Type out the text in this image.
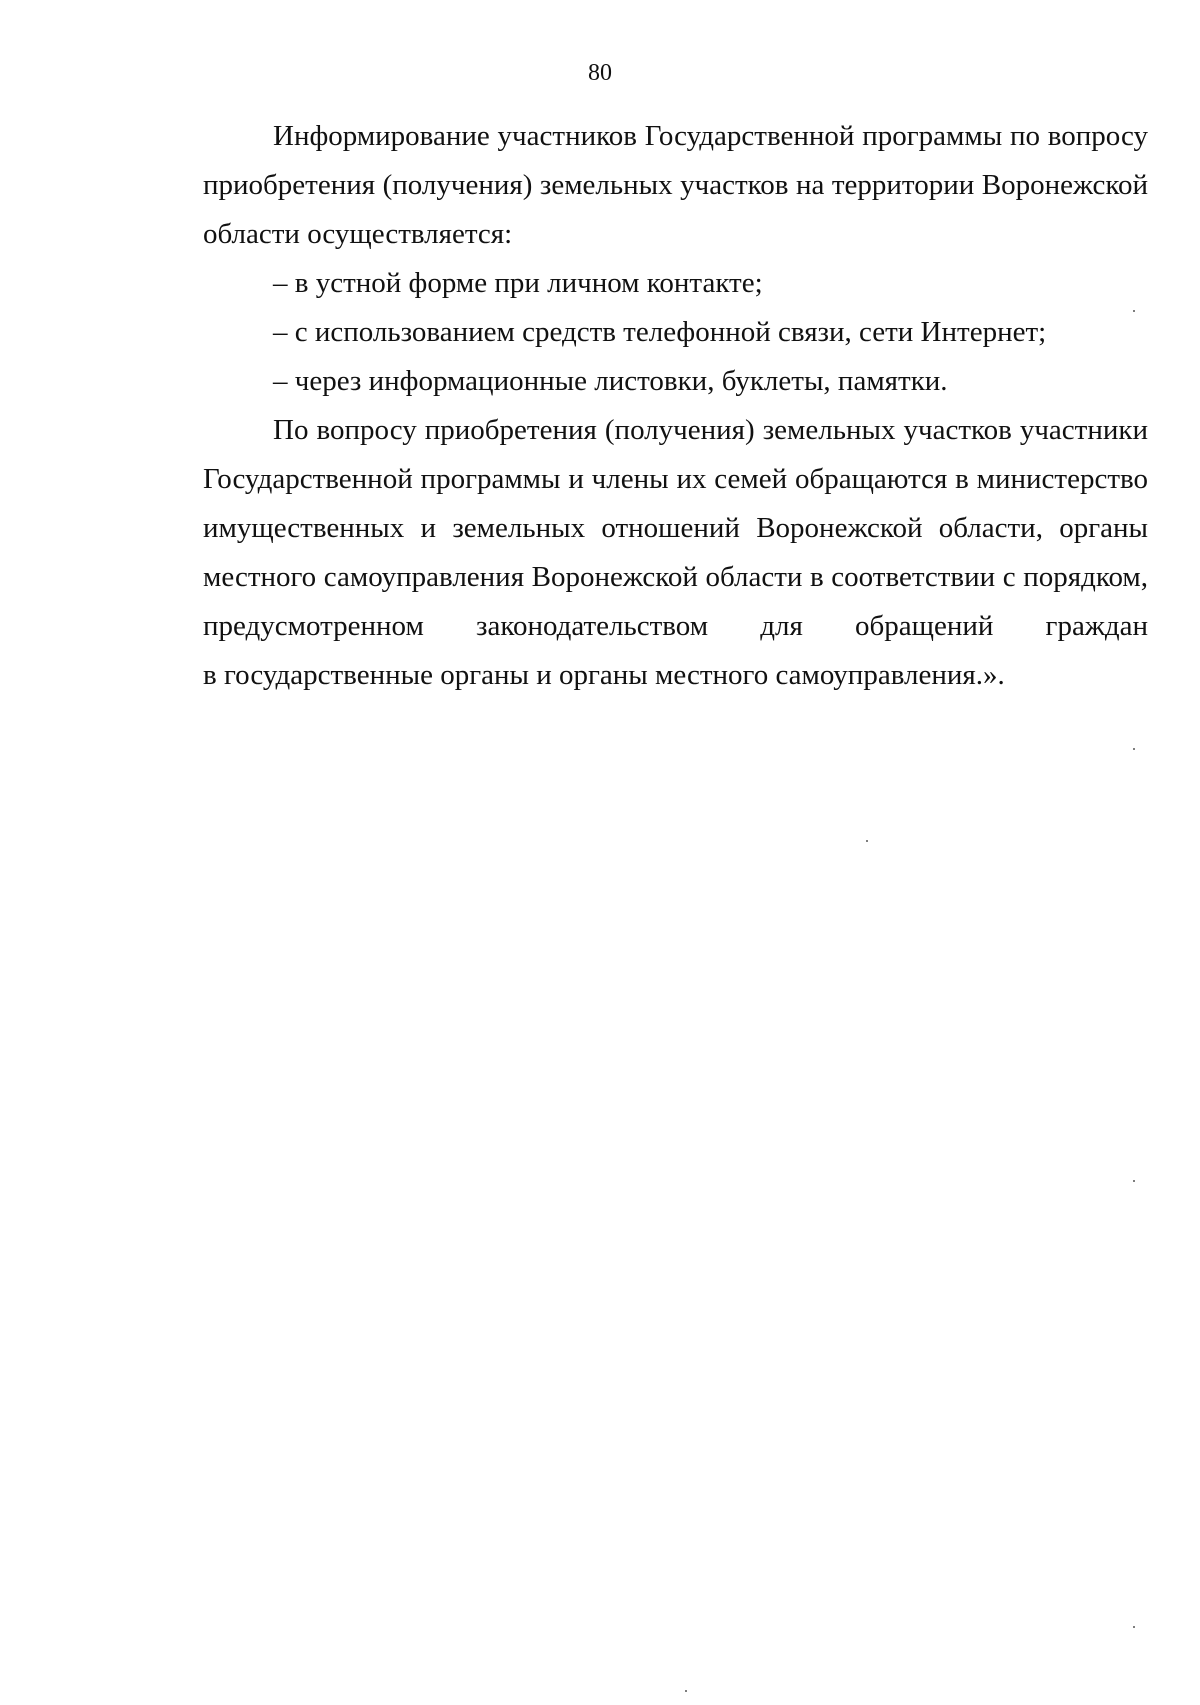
80

Информирование участников Государственной программы по вопросу приобретения (получения) земельных участков на территории Воронежской области осуществляется:

– в устной форме при личном контакте;

– с использованием средств телефонной связи, сети Интернет;

– через информационные листовки, буклеты, памятки.

По вопросу приобретения (получения) земельных участков участники Государственной программы и члены их семей обращаются в министерство имущественных и земельных отношений Воронежской области, органы местного самоуправления Воронежской области в соответствии с порядком, предусмотренном законодательством для обращений граждан

в государственные органы и органы местного самоуправления.».
